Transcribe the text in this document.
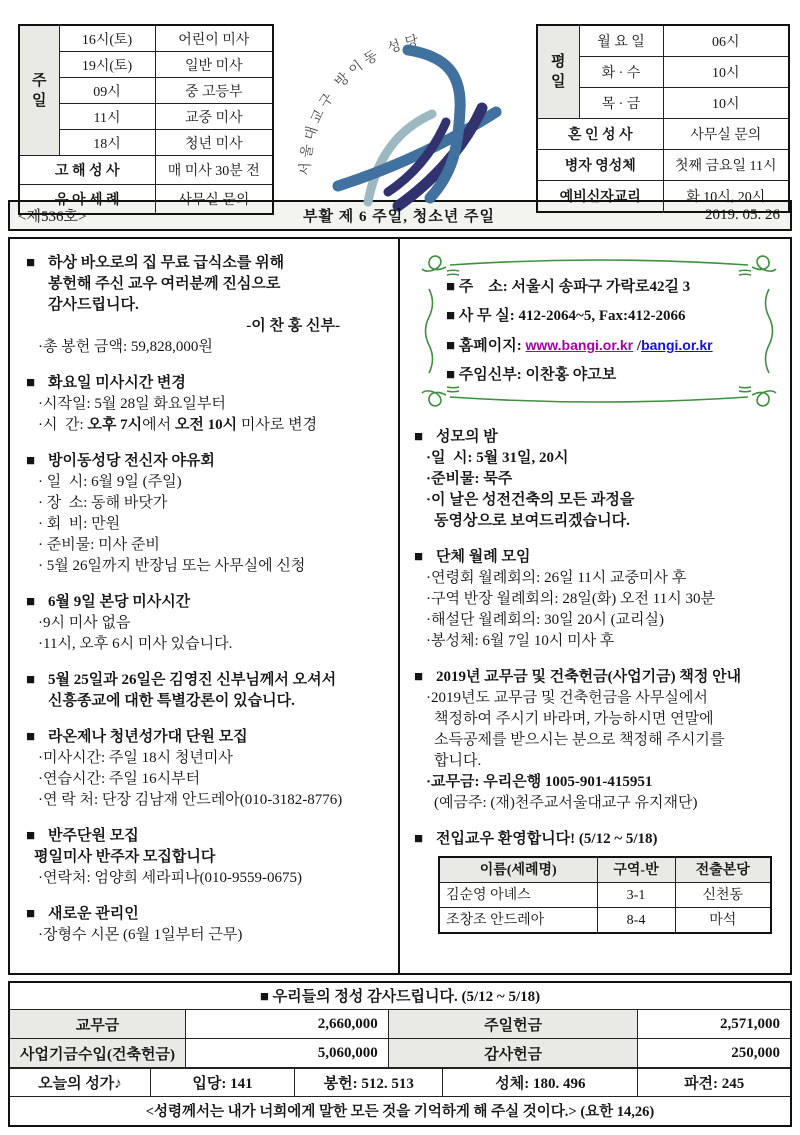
주 일	16시(토)	어린이 미사
	19시(토)	일반 미사
	09시	중 고등부
	11시	교중 미사
	18시	청년 미사
고 해 성 사		매 미사 30분 전
유 아 세 례		사무실 문의
서울대교구 방이동 성당
평 일	월 요 일	06시
	화 · 수	10시
	목 · 금	10시
혼 인 성 사		사무실 문의
병자 영성체		첫째 금요일 11시
예비신자교리		화 10시, 20시
<제536호>	부활 제 6 주일, 청소년 주일	2019. 05. 26
■ 하상 바오로의 집 무료 급식소를 위해
봉헌해 주신 교우 여러분께 진심으로
감사드립니다.
-이 찬 홍 신부-
·총 봉헌 금액: 59,828,000원
■ 화요일 미사시간 변경
·시작일: 5월 28일 화요일부터
·시  간: 오후 7시에서 오전 10시 미사로 변경
■ 방이동성당 전신자 야유회
· 일  시: 6월 9일 (주일)
· 장  소: 동해 바닷가
· 회  비: 만원
· 준비물: 미사 준비
· 5월 26일까지 반장님 또는 사무실에 신청
■ 6월 9일 본당 미사시간
·9시 미사 없음
·11시, 오후 6시 미사 있습니다.
■ 5월 25일과 26일은 김영진 신부님께서 오셔서
신흥종교에 대한 특별강론이 있습니다.
■ 라온제나 청년성가대 단원 모집
·미사시간: 주일 18시 청년미사
·연습시간: 주일 16시부터
·연 락 처: 단장 김남재 안드레아(010-3182-8776)
■ 반주단원 모집
평일미사 반주자 모집합니다
·연락처: 엄양희 세라피나(010-9559-0675)
■ 새로운 관리인
·장형수 시몬 (6월 1일부터 근무)
■ 주    소: 서울시 송파구 가락로42길 3
■ 사 무 실: 412-2064~5, Fax:412-2066
■ 홈페이지: www.bangi.or.kr /bangi.or.kr
■ 주임신부: 이찬홍 야고보
■ 성모의 밤
·일  시: 5월 31일, 20시
·준비물: 묵주
·이 날은 성전건축의 모든 과정을
동영상으로 보여드리겠습니다.
■ 단체 월례 모임
·연령회 월례회의: 26일 11시 교중미사 후
·구역 반장 월례회의: 28일(화) 오전 11시 30분
·해설단 월례회의: 30일 20시 (교리실)
·봉성체: 6월 7일 10시 미사 후
■ 2019년 교무금 및 건축헌금(사업기금) 책정 안내
·2019년도 교무금 및 건축헌금을 사무실에서
책정하여 주시기 바라며, 가능하시면 연말에
소득공제를 받으시는 분으로 책정해 주시기를
합니다.
·교무금: 우리은행 1005-901-415951
(예금주: (재)천주교서울대교구 유지재단)
■ 전입교우 환영합니다! (5/12 ~ 5/18)
이름(세례명)	구역-반	전출본당
김순영 아녜스	3-1	신천동
조창조 안드레아	8-4	마석
■ 우리들의 정성 감사드립니다. (5/12 ~ 5/18)
교무금	2,660,000	주일헌금	2,571,000
사업기금수입(건축헌금)	5,060,000	감사헌금	250,000
오늘의 성가♪	입당: 141	봉헌: 512. 513	성체: 180. 496	파견: 245
<성령께서는 내가 너희에게 말한 모든 것을 기억하게 해 주실 것이다.> (요한 14,26)
